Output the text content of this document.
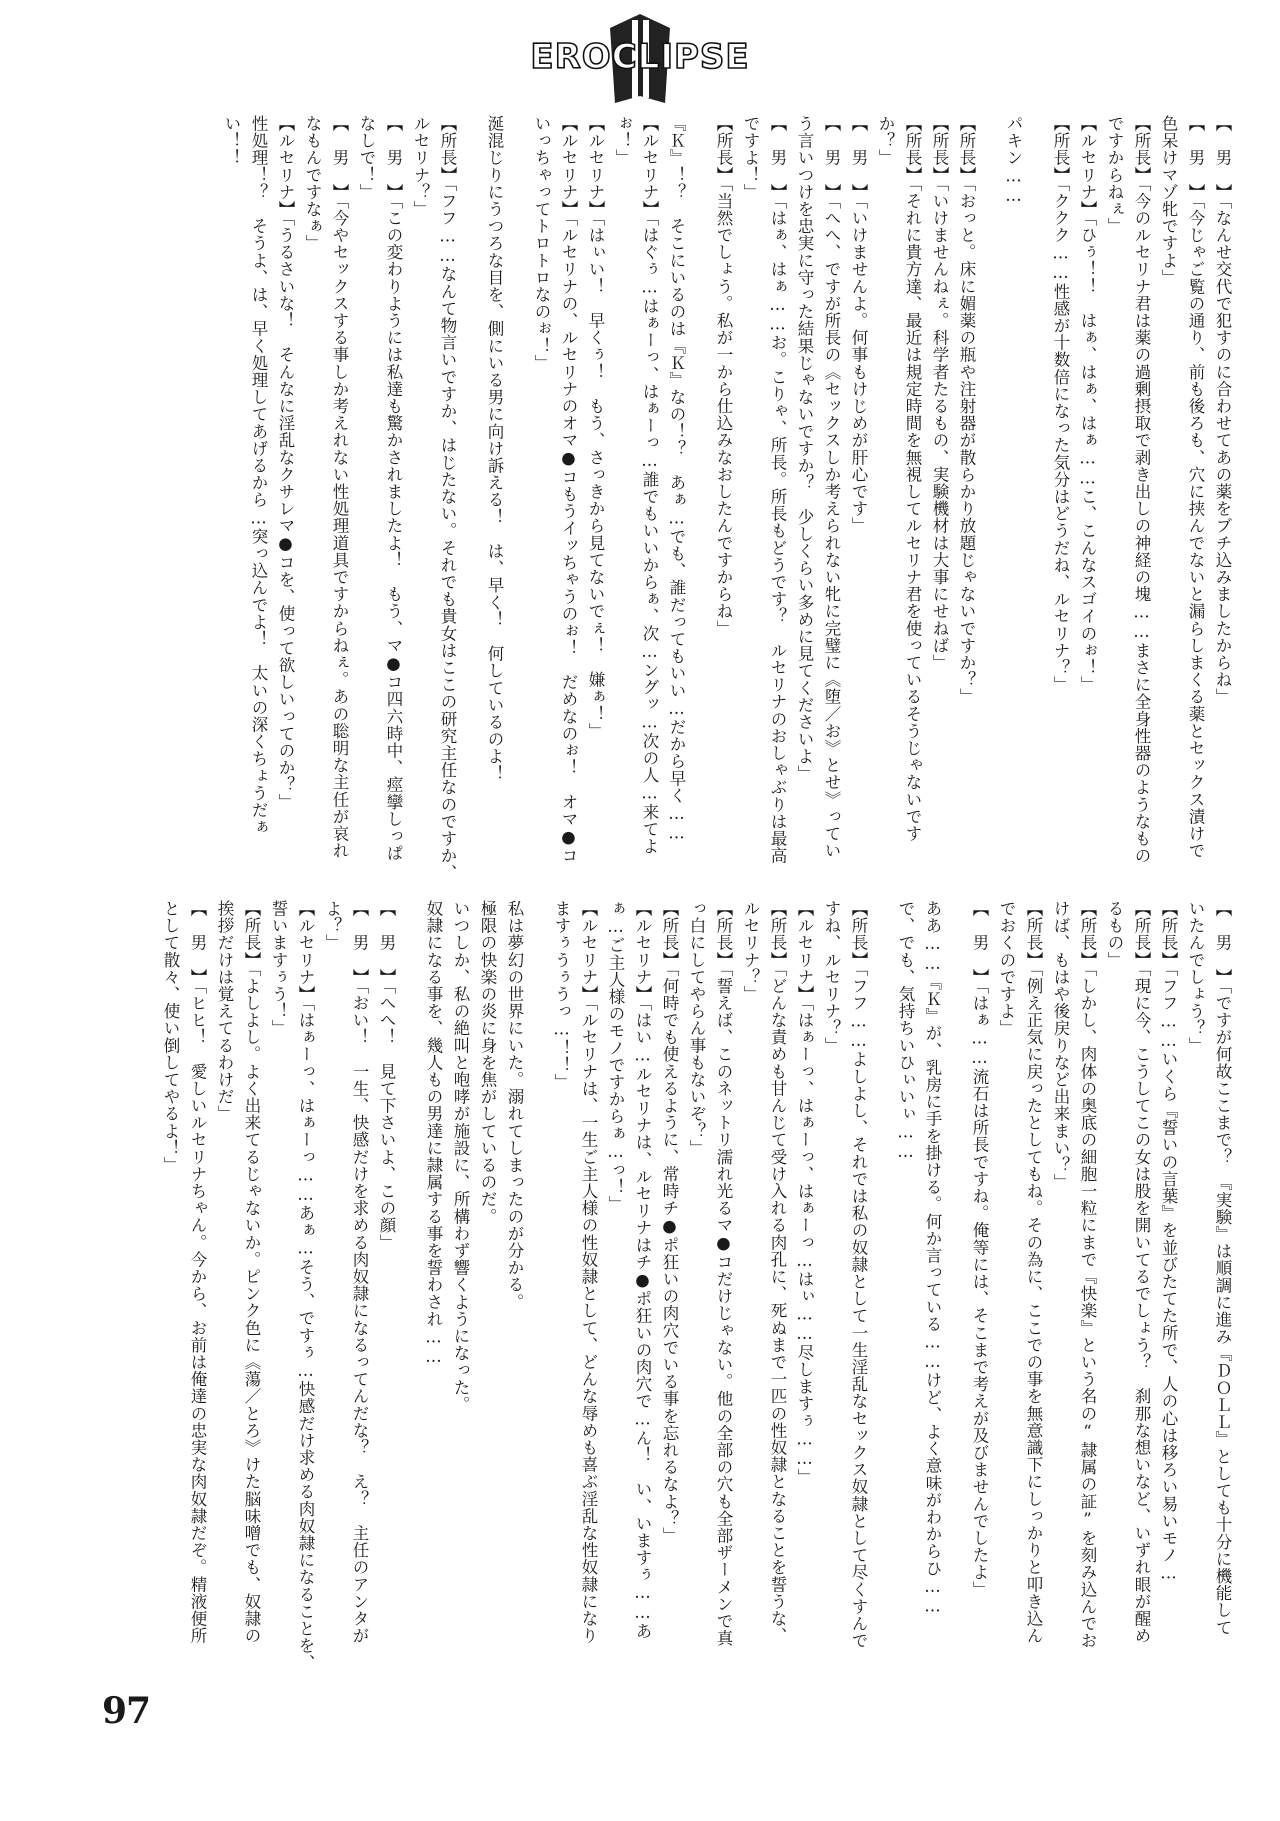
EROCLIPSE
【　男　】「なんせ交代で犯すのに合わせてあの薬をブチ込みましたからね」
【　男　】「今じゃご覧の通り、前も後ろも、穴に挟んでないと漏らしまくる薬とセックス漬けで
色呆けマゾ牝ですよ」
【所長】「今のルセリナ君は薬の過剰摂取で剥き出しの神経の塊……まさに全身性器のようなもの
ですからねぇ」
【ルセリナ】「ひぅ！！　はぁ、はぁ、はぁ……こ、こんなスゴイのぉ！」
【所長】「ククク……性感が十数倍になった気分はどうだね、ルセリナ？」
パキン……
【所長】「おっと。床に媚薬の瓶や注射器が散らかり放題じゃないですか？」
【所長】「いけませんねぇ。科学者たるもの、実験機材は大事にせねば」
【所長】「それに貴方達、最近は規定時間を無視してルセリナ君を使っているそうじゃないです
か？」
【　男　】「いけませんよ。何事もけじめが肝心です」
【　男　】「へへ、ですが所長の《セックスしか考えられない牝に完璧に《堕／お》とせ》ってい
う言いつけを忠実に守った結果じゃないですか？　少しくらい多めに見てくださいよ」
【　男　】「はぁ、はぁ……お。こりゃ、所長。所長もどうです？　ルセリナのおしゃぶりは最高
ですよ！」
【所長】「当然でしょう。私が一から仕込みなおしたんですからね」
『Ｋ』！？　そこにいるのは『Ｋ』なの！？　あぁ…でも、誰だってもいい…だから早く……
【ルセリナ】「はぐぅ…はぁーっ、はぁーっ…誰でもいいからぁ、次…ングッ…次の人…来てよ
ぉ！」
【ルセリナ】「はぃい！　早くぅ！　もう、さっきから見てないでぇ！　嫌ぁ！」
【ルセリナ】「ルセリナの、ルセリナのオマ●コもうイッちゃうのぉ！　だめなのぉ！　オマ●コ
いっちゃってトロトロなのぉ！」
涎混じりにうつろな目を、側にいる男に向け訴える！　は、早く！　何しているのよ！
【所長】「フフ……なんて物言いですか、はじたない。それでも貴女はここの研究主任なのですか、
ルセリナ？」
【　男　】「この変わりようには私達も驚かされましたよ！　もう、マ●コ四六時中、痙攣しっぱ
なしで！」
【　男　】「今やセックスする事しか考えれない性処理道具ですからねぇ。あの聡明な主任が哀れ
なもんですなぁ」
【ルセリナ】「うるさいな！　そんなに淫乱なクサレマ●コを、使って欲しいってのか？」
性処理！？　そうよ、は、早く処理してあげるから…突っ込んでよ！　太いの深くちょうだぁ
い！！
【　男　】「ですが何故ここまで？　『実験』は順調に進み『ＤＯＬＬ』としても十分に機能して
いたんでしょう？」
【所長】「フフ……いくら『誓いの言葉』を並びたてた所で、人の心は移ろい易いモノ…
【所長】「現に今、こうしてこの女は股を開いてるでしょう？　刹那な想いなど、いずれ眼が醒め
るもの」
【所長】「しかし、肉体の奥底の細胞一粒にまで『快楽』という名の“隷属の証”を刻み込んでお
けば、もはや後戻りなど出来まい？」
【所長】「例え正気に戻ったとしてもね。その為に、ここでの事を無意識下にしっかりと叩き込ん
でおくのですよ」
【　男　】「はぁ……流石は所長ですね。俺等には、そこまで考えが及びませんでしたよ」
ああ……『Ｋ』が、乳房に手を掛ける。何か言っている……けど、よく意味がわからひ……
で、でも、気持ちいひぃいぃ……
【所長】「フフ……よしよし、それでは私の奴隷として一生淫乱なセックス奴隷として尽くすんで
すね、ルセリナ？」
【ルセリナ】「はぁーっ、はぁーっ、はぁーっ…はぃ……尽しますぅ……」
【所長】「どんな責めも甘んじて受け入れる肉孔に、死ぬまで一匹の性奴隷となることを誓うな、
ルセリナ？」
【所長】「誓えば、このネットリ濡れ光るマ●コだけじゃない。他の全部の穴も全部ザーメンで真
っ白にしてやらん事もないぞ？」
【所長】「何時でも使えるように、常時チ●ポ狂いの肉穴でいる事を忘れるなよ？」
【ルセリナ】「はい…ルセリナは、ルセリナはチ●ポ狂いの肉穴で…ん！　い、いますぅ……あ
ぁ…ご主人様のモノですからぁ…っ！」
【ルセリナ】「ルセリナは、一生ご主人様の性奴隷として、どんな辱めも喜ぶ淫乱な性奴隷になり
ますぅうぅうっ…！！」
私は夢幻の世界にいた。溺れてしまったのが分かる。
極限の快楽の炎に身を焦がしているのだ。
いつしか、私の絶叫と咆哮が施設に、所構わず響くようになった。
奴隷になる事を、幾人もの男達に隷属する事を誓わされ……
【　男　】「へへ！　見て下さいよ、この顔」
【　男　】「おい！　一生、快感だけを求める肉奴隷になるってんだな？　え？　主任のアンタが
よ？」
【ルセリナ】「はぁーっ、はぁーっ……あぁ…そう、ですぅ…快感だけ求める肉奴隷になることを、
誓いますぅう！」
【所長】「よしよし。よく出来てるじゃないか。ピンク色に《蕩／とろ》けた脳味噌でも、奴隷の
挨拶だけは覚えてるわけだ」
【　男　】「ヒヒ！　愛しいルセリナちゃん。今から、お前は俺達の忠実な肉奴隷だぞ。精液便所
として散々、使い倒してやるよ！」
97
